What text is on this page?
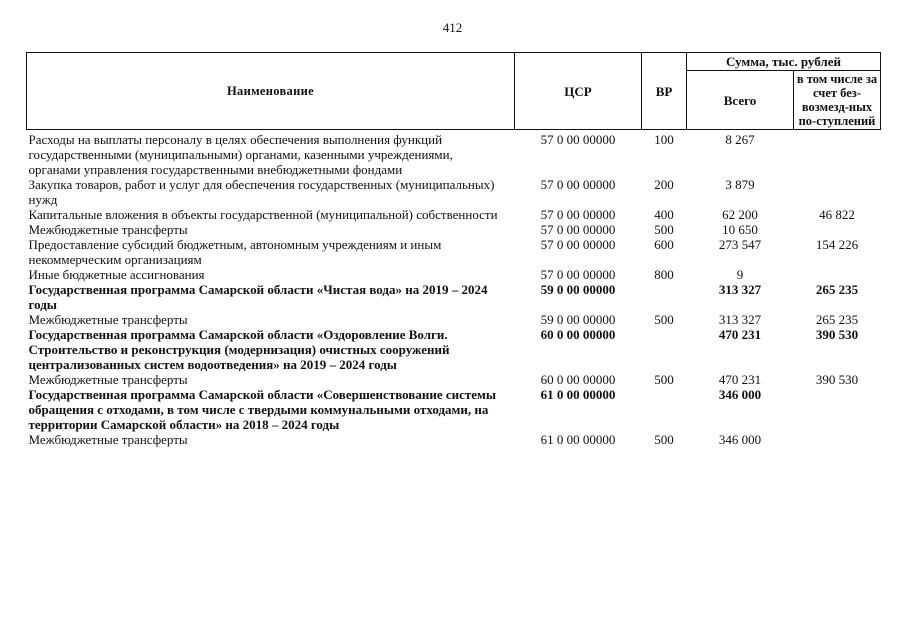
412
Наименование	ЦСР	ВР	Сумма, тыс. рублей	
			Всего	в том числе за счет без-возмезд-ных по-ступлений
Расходы на выплаты персоналу в целях обеспечения выполнения функций государственными (муниципальными) органами, казенными учреждениями, органами управления государственными внебюджетными фондами	57 0 00 00000	100	8 267	
Закупка товаров, работ и услуг для обеспечения государственных (муниципальных) нужд	57 0 00 00000	200	3 879	
Капитальные вложения в объекты государственной (муниципальной) собственности	57 0 00 00000	400	62 200	46 822
Межбюджетные трансферты	57 0 00 00000	500	10 650	
Предоставление субсидий бюджетным, автономным учреждениям и иным некоммерческим организациям	57 0 00 00000	600	273 547	154 226
Иные бюджетные ассигнования	57 0 00 00000	800	9	
Государственная программа Самарской области «Чистая вода» на 2019 – 2024 годы	59 0 00 00000		313 327	265 235
Межбюджетные трансферты	59 0 00 00000	500	313 327	265 235
Государственная программа Самарской области «Оздоровление Волги. Строительство и реконструкция (модернизация) очистных сооружений централизованных систем водоотведения» на 2019 – 2024 годы	60 0 00 00000		470 231	390 530
Межбюджетные трансферты	60 0 00 00000	500	470 231	390 530
Государственная программа Самарской области «Совершенствование системы обращения с отходами, в том числе с твердыми коммунальными отходами, на территории Самарской области» на 2018 – 2024 годы	61 0 00 00000		346 000	
Межбюджетные трансферты	61 0 00 00000	500	346 000	
